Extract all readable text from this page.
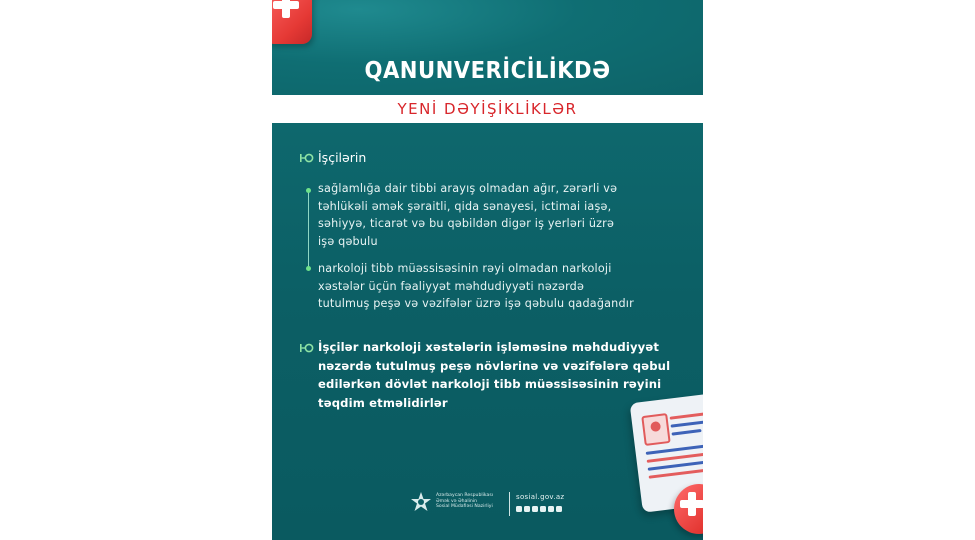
QANUNVERİCİLİKDƏ
YENİ DƏYİŞİKLİKLƏR
İşçilərin
sağlamlığa dair tibbi arayış olmadan ağır, zərərli və
təhlükəli əmək şəraitli, qida sənayesi, ictimai iaşə,
səhiyyə, ticarət və bu qəbildən digər iş yerləri üzrə
işə qəbulu
narkoloji tibb müəssisəsinin rəyi olmadan narkoloji
xəstələr üçün fəaliyyət məhdudiyyəti nəzərdə
tutulmuş peşə və vəzifələr üzrə işə qəbulu qadağandır
İşçilər narkoloji xəstələrin işləməsinə məhdudiyyət
nəzərdə tutulmuş peşə növlərinə və vəzifələrə qəbul
edilərkən dövlət narkoloji tibb müəssisəsinin rəyini
təqdim etməlidirlər
Azərbaycan Respublikası
Əmək və Əhalinin
Sosial Müdafiəsi Nazirliyi
sosial.gov.az
